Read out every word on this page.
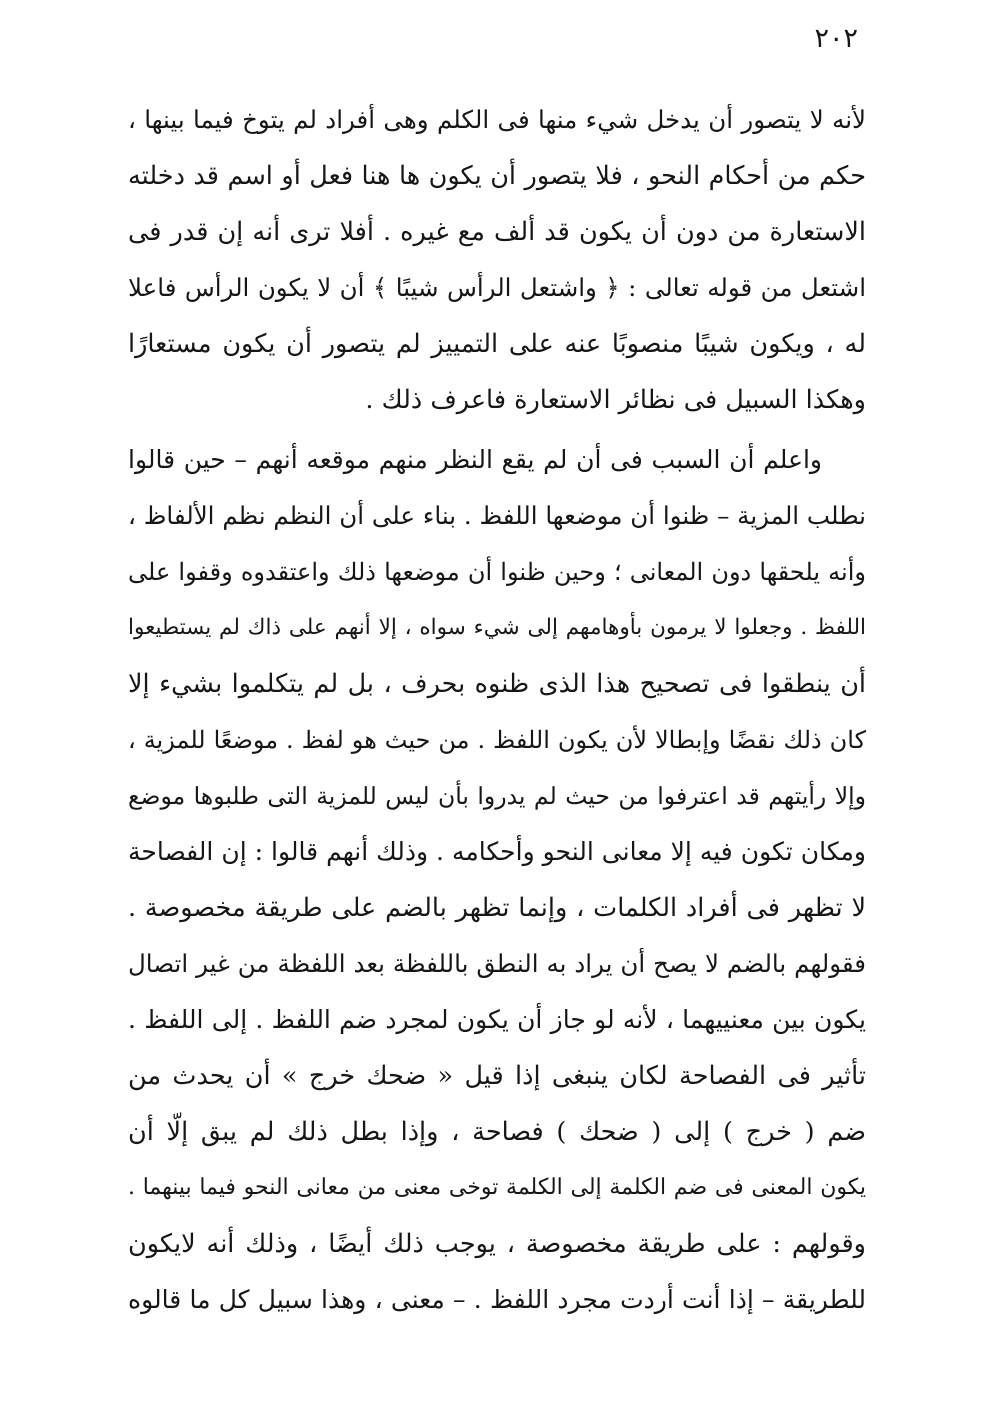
٢٠٢
لأنه لا يتصور أن يدخل شيء منها فى الكلم وهى أفراد لم يتوخ فيما بينها ،
حكم من أحكام النحو ، فلا يتصور أن يكون ها هنا فعل أو اسم قد دخلته
الاستعارة من دون أن يكون قد ألف مع غيره . أفلا ترى أنه إن قدر فى
اشتعل من قوله تعالى : ﴿ واشتعل الرأس شيبًا ﴾ أن لا يكون الرأس فاعلا
له ، ويكون شيبًا منصوبًا عنه على التمييز لم يتصور أن يكون مستعارًا
وهكذا السبيل فى نظائر الاستعارة فاعرف ذلك .
واعلم أن السبب فى أن لم يقع النظر منهم موقعه أنهم – حين قالوا
نطلب المزية – ظنوا أن موضعها اللفظ . بناء على أن النظم نظم الألفاظ ،
وأنه يلحقها دون المعانى ؛ وحين ظنوا أن موضعها ذلك واعتقدوه وقفوا على
اللفظ . وجعلوا لا يرمون بأوهامهم إلى شيء سواه ، إلا أنهم على ذاك لم يستطيعوا
أن ينطقوا فى تصحيح هذا الذى ظنوه بحرف ، بل لم يتكلموا بشيء إلا
كان ذلك نقضًا وإبطالا لأن يكون اللفظ . من حيث هو لفظ . موضعًا للمزية ،
وإلا رأيتهم قد اعترفوا من حيث لم يدروا بأن ليس للمزية التى طلبوها موضع
ومكان تكون فيه إلا معانى النحو وأحكامه . وذلك أنهم قالوا : إن الفصاحة
لا تظهر فى أفراد الكلمات ، وإنما تظهر بالضم على طريقة مخصوصة .
فقولهم بالضم لا يصح أن يراد به النطق باللفظة بعد اللفظة من غير اتصال
يكون بين معنييهما ، لأنه لو جاز أن يكون لمجرد ضم اللفظ . إلى اللفظ .
تأثير فى الفصاحة لكان ينبغى إذا قيل « ضحك خرج » أن يحدث من
ضم ( خرج ) إلى ( ضحك ) فصاحة ، وإذا بطل ذلك لم يبق إلّا أن
يكون المعنى فى ضم الكلمة إلى الكلمة توخى معنى من معانى النحو فيما بينهما .
وقولهم : على طريقة مخصوصة ، يوجب ذلك أيضًا ، وذلك أنه لايكون
للطريقة – إذا أنت أردت مجرد اللفظ . – معنى ، وهذا سبيل كل ما قالوه
